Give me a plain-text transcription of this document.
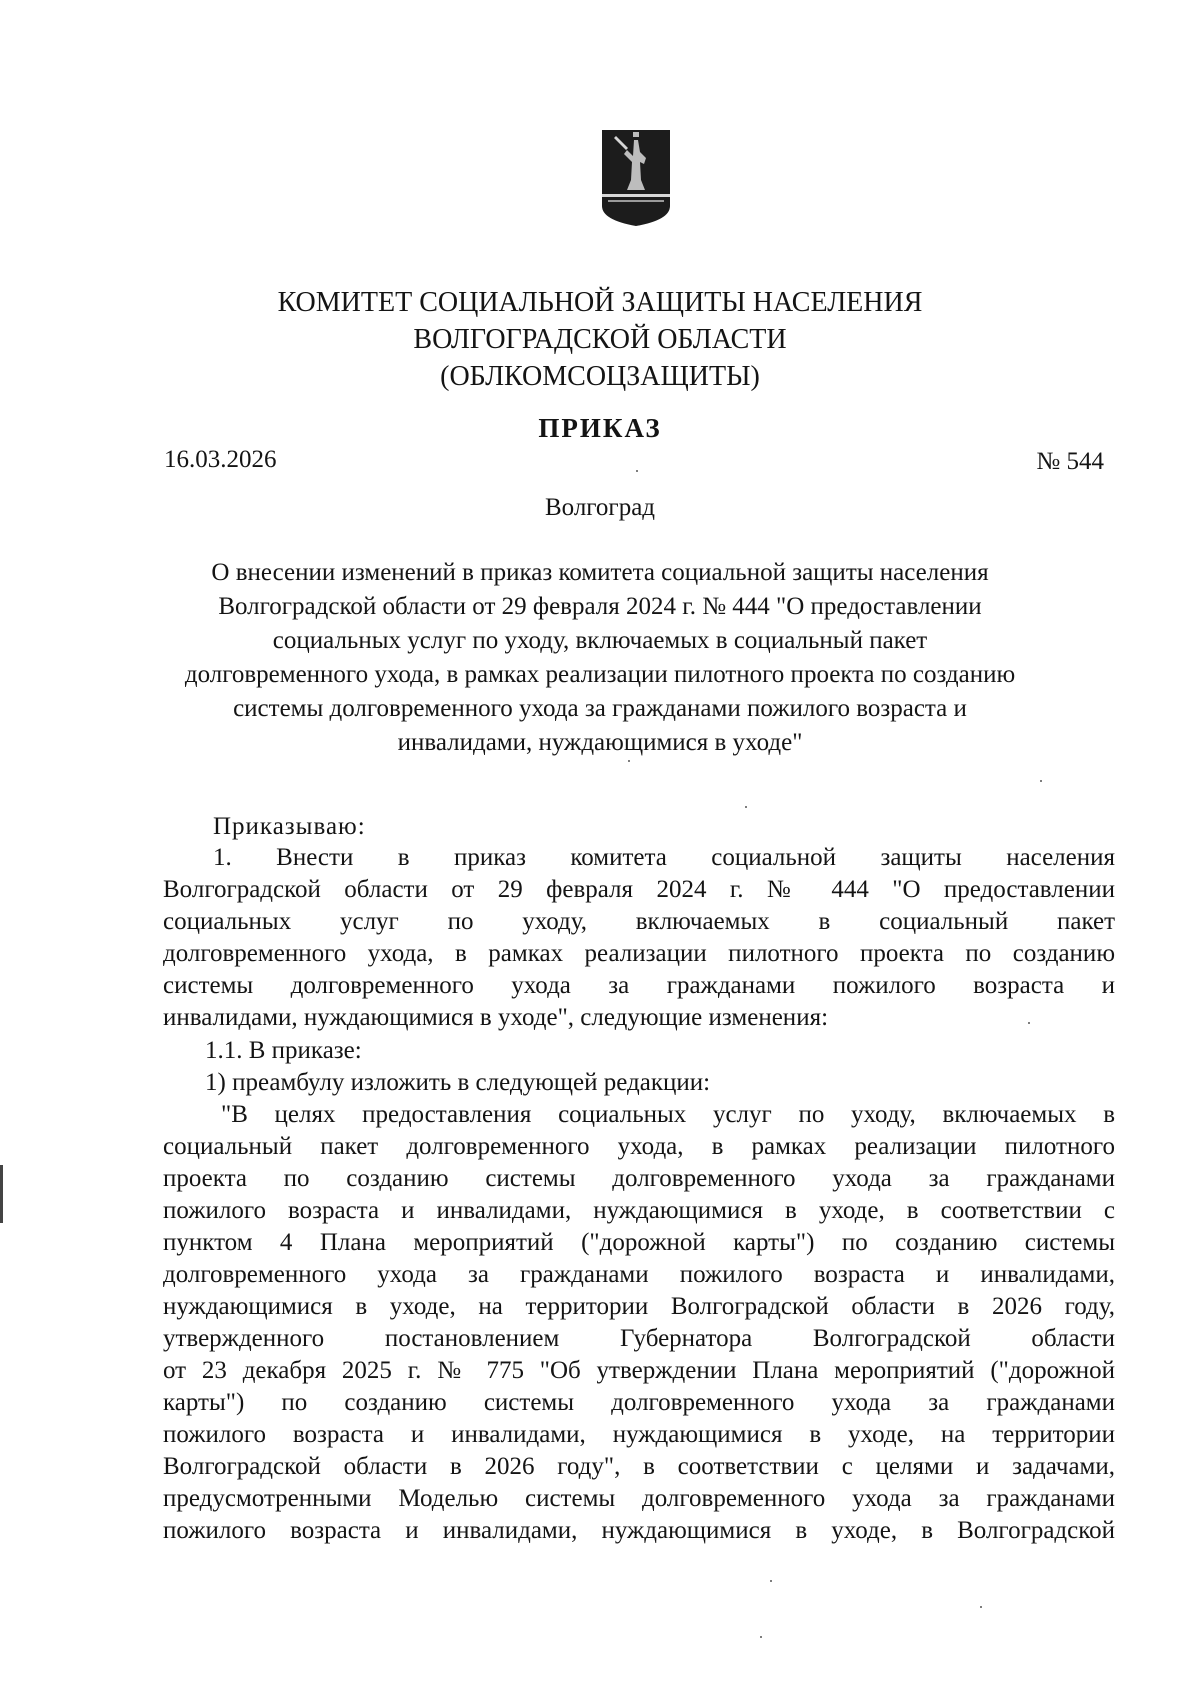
КОМИТЕТ СОЦИАЛЬНОЙ ЗАЩИТЫ НАСЕЛЕНИЯ
ВОЛГОГРАДСКОЙ ОБЛАСТИ
(ОБЛКОМСОЦЗАЩИТЫ)
ПРИКАЗ
16.03.2026	№ 544
Волгоград
О внесении изменений в приказ комитета социальной защиты населения
Волгоградской области от 29 февраля 2024 г. № 444 "О предоставлении
социальных услуг по уходу, включаемых в социальный пакет
долговременного ухода, в рамках реализации пилотного проекта по созданию
системы долговременного ухода за гражданами пожилого возраста и
инвалидами, нуждающимися в уходе"
Приказываю:
1. Внести в приказ комитета социальной защиты населения
Волгоградской области от 29 февраля 2024 г. № 444 "О предоставлении
социальных услуг по уходу, включаемых в социальный пакет
долговременного ухода, в рамках реализации пилотного проекта по созданию
системы долговременного ухода за гражданами пожилого возраста и
инвалидами, нуждающимися в уходе", следующие изменения:
1.1. В приказе:
1) преамбулу изложить в следующей редакции:
"В целях предоставления социальных услуг по уходу, включаемых в
социальный пакет долговременного ухода, в рамках реализации пилотного
проекта по созданию системы долговременного ухода за гражданами
пожилого возраста и инвалидами, нуждающимися в уходе, в соответствии с
пунктом 4 Плана мероприятий ("дорожной карты") по созданию системы
долговременного ухода за гражданами пожилого возраста и инвалидами,
нуждающимися в уходе, на территории Волгоградской области в 2026 году,
утвержденного постановлением Губернатора Волгоградской области
от 23 декабря 2025 г. № 775 "Об утверждении Плана мероприятий ("дорожной
карты") по созданию системы долговременного ухода за гражданами
пожилого возраста и инвалидами, нуждающимися в уходе, на территории
Волгоградской области в 2026 году", в соответствии с целями и задачами,
предусмотренными Моделью системы долговременного ухода за гражданами
пожилого возраста и инвалидами, нуждающимися в уходе, в Волгоградской
